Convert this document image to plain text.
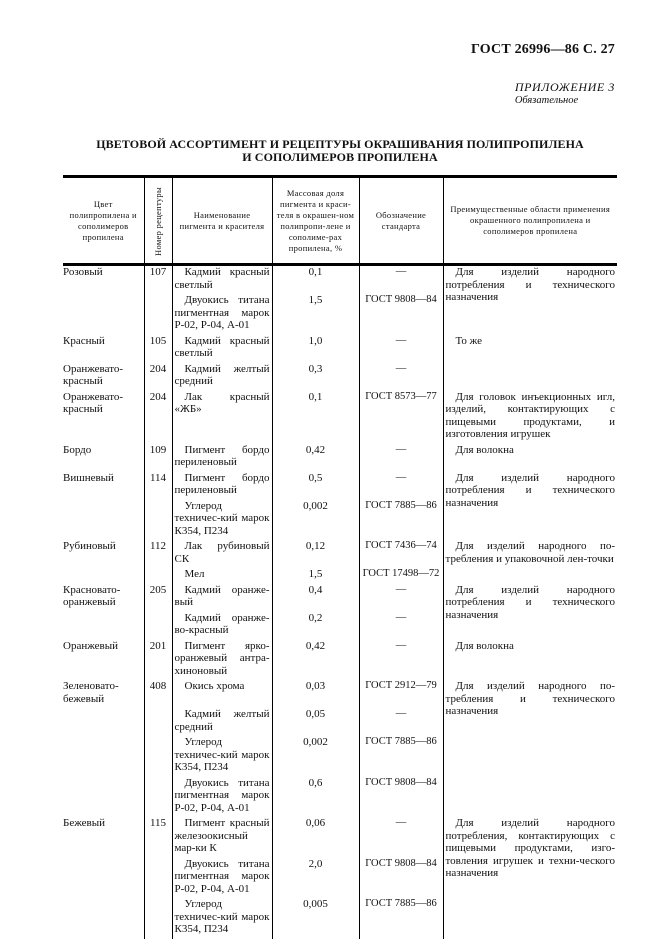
ГОСТ 26996—86 С. 27
ПРИЛОЖЕНИЕ 3
Обязательное
ЦВЕТОВОЙ АССОРТИМЕНТ И РЕЦЕПТУРЫ ОКРАШИВАНИЯ ПОЛИПРОПИЛЕНА
И СОПОЛИМЕРОВ ПРОПИЛЕНА
Цвет полипропилена и сополимеров пропилена	Номер рецептуры	Наименование пигмента и красителя	Массовая доля пигмента и краси-теля в окрашен-ном полипропи-лене и сополиме-рах пропилена, %	Обозначение стандарта	Преимущественные области применения окрашенного полипропилена и сополимеров пропилена
Розовый	107	Кадмий красный светлый	0,1	—	Для изделий народного потребления и технического назначения
		Двуокись титана пигментная марок Р-02, Р-04, А-01	1,5	ГОСТ 9808—84	
Красный	105	Кадмий красный светлый	1,0	—	То же
Оранжевато-красный	204	Кадмий желтый средний	0,3	—	
Оранжевато-красный	204	Лак красный «ЖБ»	0,1	ГОСТ 8573—77	Для головок инъекционных игл, изделий, контактирующих с пищевыми продуктами, и изготовления игрушек
Бордо	109	Пигмент бордо периленовый	0,42	—	Для волокна
Вишневый	114	Пигмент бордо периленовый	0,5	—	Для изделий народного потребления и технического назначения
		Углерод техничес-кий марок К354, П234	0,002	ГОСТ 7885—86	
Рубиновый	112	Лак рубиновый СК	0,12	ГОСТ 7436—74	Для изделий народного по-требления и упаковочной лен-точки
		Мел	1,5	ГОСТ 17498—72	
Красновато-оранжевый	205	Кадмий оранже-вый	0,4	—	Для изделий народного потребления и технического назначения
		Кадмий оранже-во-красный	0,2	—	
Оранжевый	201	Пигмент ярко-оранжевый антра-хиноновый	0,42	—	Для волокна
Зеленовато-бежевый	408	Окись хрома	0,03	ГОСТ 2912—79	Для изделий народного по-требления и технического назначения
		Кадмий желтый средний	0,05	—	
		Углерод техничес-кий марок К354, П234	0,002	ГОСТ 7885—86	
		Двуокись титана пигментная марок Р-02, Р-04, А-01	0,6	ГОСТ 9808—84	
Бежевый	115	Пигмент красный железоокисный мар-ки К	0,06	—	Для изделий народного потребления, контактирующих с пищевыми продуктами, изго-товления игрушек и техни-ческого назначения
		Двуокись титана пигментная марок Р-02, Р-04, А-01	2,0	ГОСТ 9808—84	
		Углерод техничес-кий марок К354, П234	0,005	ГОСТ 7885—86	
